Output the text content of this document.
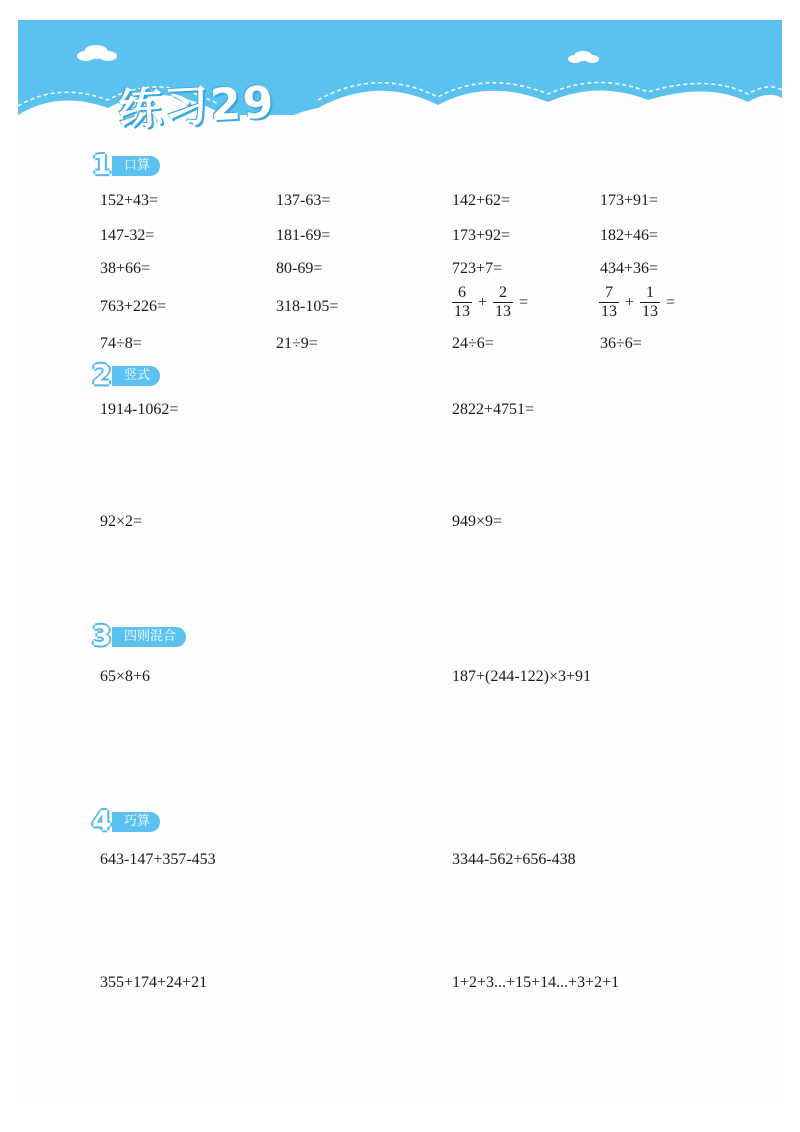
练习29
1 口算
152+43=	137-63=	142+62=	173+91=
147-32=	181-69=	173+92=	182+46=
38+66=	80-69=	723+7=	434+36=
763+226=	318-105=	$\frac{6}{13} + \frac{2}{13}$ =	$\frac{7}{13} + \frac{1}{13}$ =
74÷8=	21÷9=	24÷6=	36÷6=
2 竖式
1914-1062=	2822+4751=
92×2=	949×9=
3 四则混合
65×8+6	187+(244-122)×3+91
4 巧算
643-147+357-453	3344-562+656-438
355+174+24+21	1+2+3...+15+14...+3+2+1
